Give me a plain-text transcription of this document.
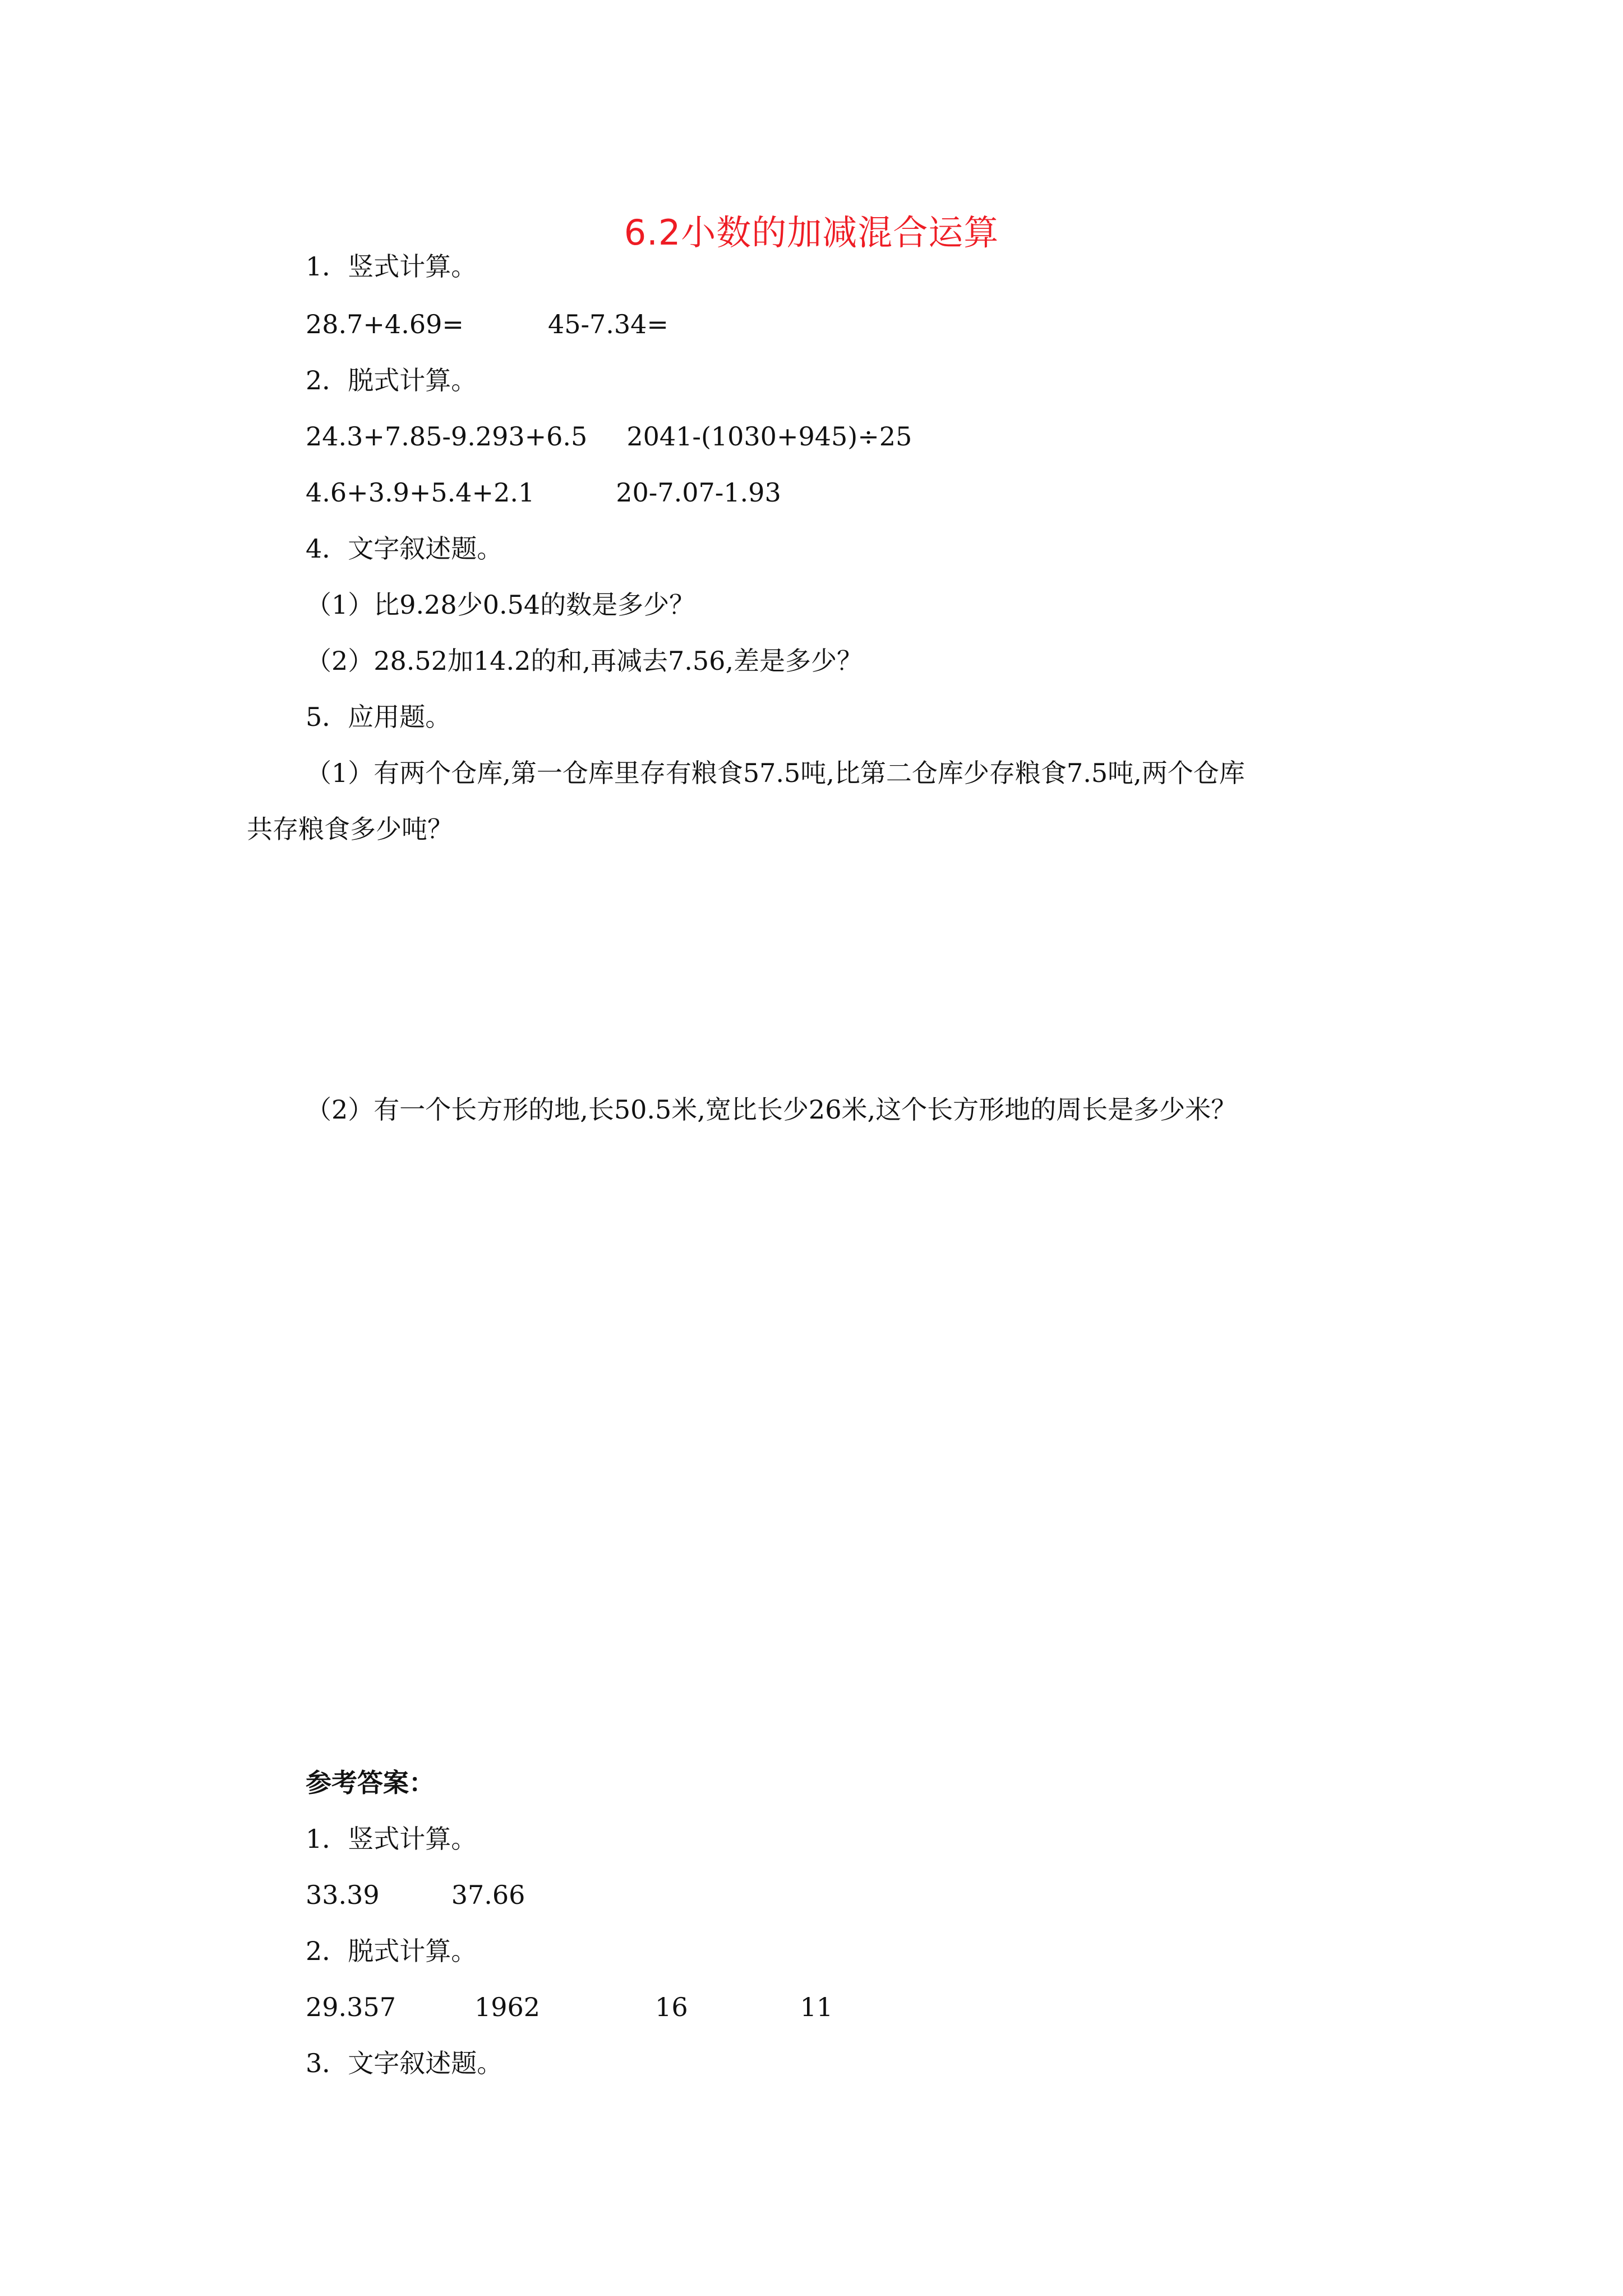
6.2小数的加减混合运算
1．竖式计算。
28.7+4.69=	45-7.34=
2．脱式计算。
24.3+7.85-9.293+6.5 2041-(1030+945)÷25
4.6+3.9+5.4+2.1	20-7.07-1.93
4．文字叙述题。
（1）比9.28少0.54的数是多少？
（2）28.52加14.2的和,再减去7.56,差是多少？
5．应用题。
（1）有两个仓库,第一仓库里存有粮食57.5吨,比第二仓库少存粮食7.5吨,两个仓库
共存粮食多少吨？
（2）有一个长方形的地,长50.5米,宽比长少26米,这个长方形地的周长是多少米？
参考答案：
1．竖式计算。
33.39	37.66
2．脱式计算。
29.357	1962	16	11
3．文字叙述题。
